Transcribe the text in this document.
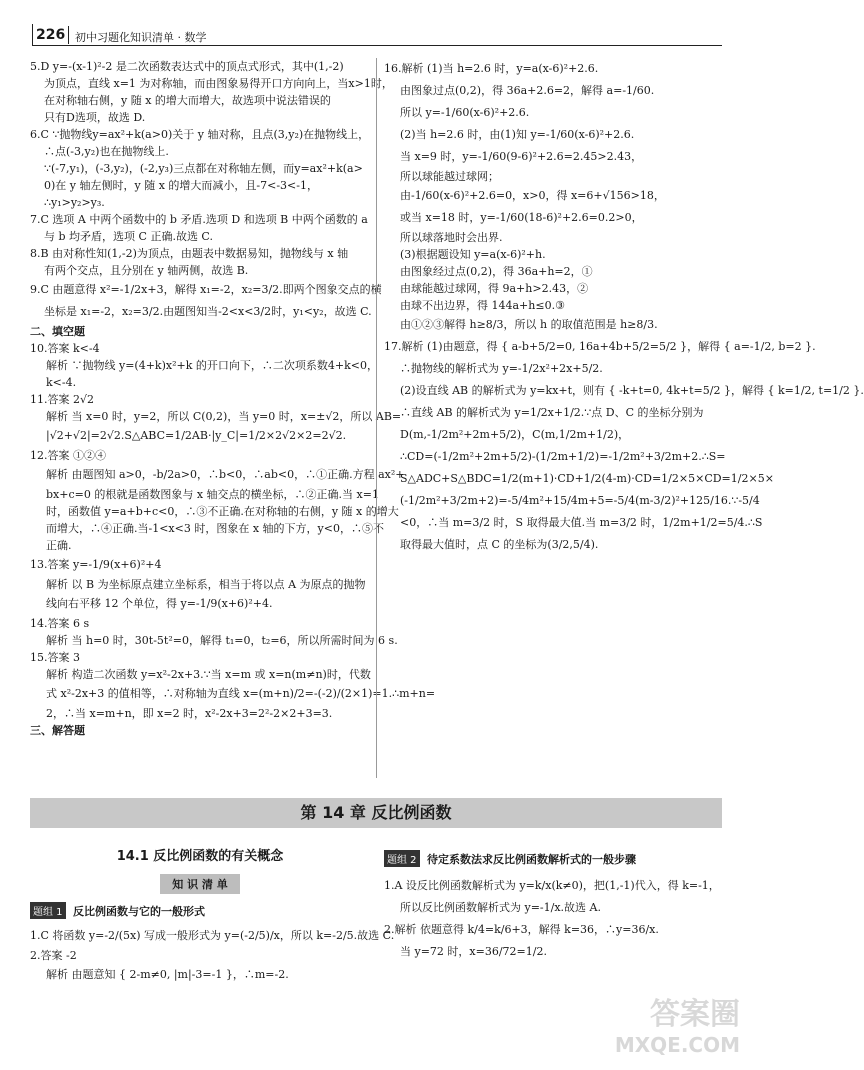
226 初中习题化知识清单 · 数学
5.D y=-(x-1)²-2 是二次函数表达式中的顶点式形式，其中(1,-2)
为顶点，直线 x=1 为对称轴，而由图象易得开口方向向上，当x>1时，
在对称轴右侧，y 随 x 的增大而增大，故选项中说法错误的
只有D选项，故选 D.
6.C ∵抛物线y=ax²+k(a>0)关于 y 轴对称，且点(3,y₂)在抛物线上，
∴点(-3,y₂)也在抛物线上.
∵(-7,y₁)，(-3,y₂)，(-2,y₃)三点都在对称轴左侧，而y=ax²+k(a>
0)在 y 轴左侧时，y 随 x 的增大而减小，且-7<-3<-1，
∴y₁>y₂>y₃.
7.C 选项 A 中两个函数中的 b 矛盾.选项 D 和选项 B 中两个函数的 a
与 b 均矛盾，选项 C 正确.故选 C.
8.B 由对称性知(1,-2)为顶点，由题表中数据易知，抛物线与 x 轴
有两个交点，且分别在 y 轴两侧，故选 B.
9.C 由题意得 x²=-1/2x+3，解得 x₁=-2，x₂=3/2.即两个图象交点的横
坐标是 x₁=-2，x₂=3/2.由题图知当-2<x<3/2时，y₁<y₂，故选 C.
二、填空题
10.答案 k<-4
解析 ∵抛物线 y=(4+k)x²+k 的开口向下，∴二次项系数4+k<0，
k<-4.
11.答案 2√2
解析 当 x=0 时，y=2，所以 C(0,2)，当 y=0 时，x=±√2，所以 AB=
|√2+√2|=2√2.S△ABC=1/2AB·|y_C|=1/2×2√2×2=2√2.
12.答案 ①②④
解析 由题图知 a>0，-b/2a>0，∴b<0，∴ab<0，∴①正确.方程 ax²+
bx+c=0 的根就是函数图象与 x 轴交点的横坐标，∴②正确.当 x=1
时，函数值 y=a+b+c<0，∴③不正确.在对称轴的右侧，y 随 x 的增大
而增大，∴④正确.当-1<x<3 时，图象在 x 轴的下方，y<0，∴⑤不
正确.
13.答案 y=-1/9(x+6)²+4
解析 以 B 为坐标原点建立坐标系，相当于将以点 A 为原点的抛物
线向右平移 12 个单位，得 y=-1/9(x+6)²+4.
14.答案 6 s
解析 当 h=0 时，30t-5t²=0，解得 t₁=0，t₂=6，所以所需时间为 6 s.
15.答案 3
解析 构造二次函数 y=x²-2x+3.∵当 x=m 或 x=n(m≠n)时，代数
式 x²-2x+3 的值相等，∴对称轴为直线 x=(m+n)/2=-(-2)/(2×1)=1.∴m+n=
2，∴当 x=m+n，即 x=2 时，x²-2x+3=2²-2×2+3=3.
三、解答题
16.解析 (1)当 h=2.6 时，y=a(x-6)²+2.6.
由图象过点(0,2)，得 36a+2.6=2，解得 a=-1/60.
所以 y=-1/60(x-6)²+2.6.
(2)当 h=2.6 时，由(1)知 y=-1/60(x-6)²+2.6.
当 x=9 时，y=-1/60(9-6)²+2.6=2.45>2.43，
所以球能越过球网；
由-1/60(x-6)²+2.6=0，x>0，得 x=6+√156>18，
或当 x=18 时，y=-1/60(18-6)²+2.6=0.2>0，
所以球落地时会出界.
(3)根据题设知 y=a(x-6)²+h.
由图象经过点(0,2)，得 36a+h=2，①
由球能越过球网，得 9a+h>2.43，②
由球不出边界，得 144a+h≤0.③
由①②③解得 h≥8/3，所以 h 的取值范围是 h≥8/3.
17.解析 (1)由题意，得 { a-b+5/2=0, 16a+4b+5/2=5/2 }，解得 { a=-1/2, b=2 }.
∴抛物线的解析式为 y=-1/2x²+2x+5/2.
(2)设直线 AB 的解析式为 y=kx+t，则有 { -k+t=0, 4k+t=5/2 }，解得 { k=1/2, t=1/2 }.
∴直线 AB 的解析式为 y=1/2x+1/2.∵点 D、C 的坐标分别为
D(m,-1/2m²+2m+5/2)，C(m,1/2m+1/2)，
∴CD=(-1/2m²+2m+5/2)-(1/2m+1/2)=-1/2m²+3/2m+2.∴S=
S△ADC+S△BDC=1/2(m+1)·CD+1/2(4-m)·CD=1/2×5×CD=1/2×5×
(-1/2m²+3/2m+2)=-5/4m²+15/4m+5=-5/4(m-3/2)²+125/16.∵-5/4
<0，∴当 m=3/2 时，S 取得最大值.当 m=3/2 时，1/2m+1/2=5/4.∴S
取得最大值时，点 C 的坐标为(3/2,5/4).
第 14 章 反比例函数
14.1 反比例函数的有关概念
知 识 清 单
题组 1 反比例函数与它的一般形式
1.C 将函数 y=-2/(5x) 写成一般形式为 y=(-2/5)/x，所以 k=-2/5.故选 C.
2.答案 -2
解析 由题意知 { 2-m≠0, |m|-3=-1 }，∴m=-2.
题组 2 待定系数法求反比例函数解析式的一般步骤
1.A 设反比例函数解析式为 y=k/x(k≠0)，把(1,-1)代入，得 k=-1，
所以反比例函数解析式为 y=-1/x.故选 A.
2.解析 依题意得 k/4=k/6+3，解得 k=36，∴y=36/x.
当 y=72 时，x=36/72=1/2.
答案圈
MXQE.COM
